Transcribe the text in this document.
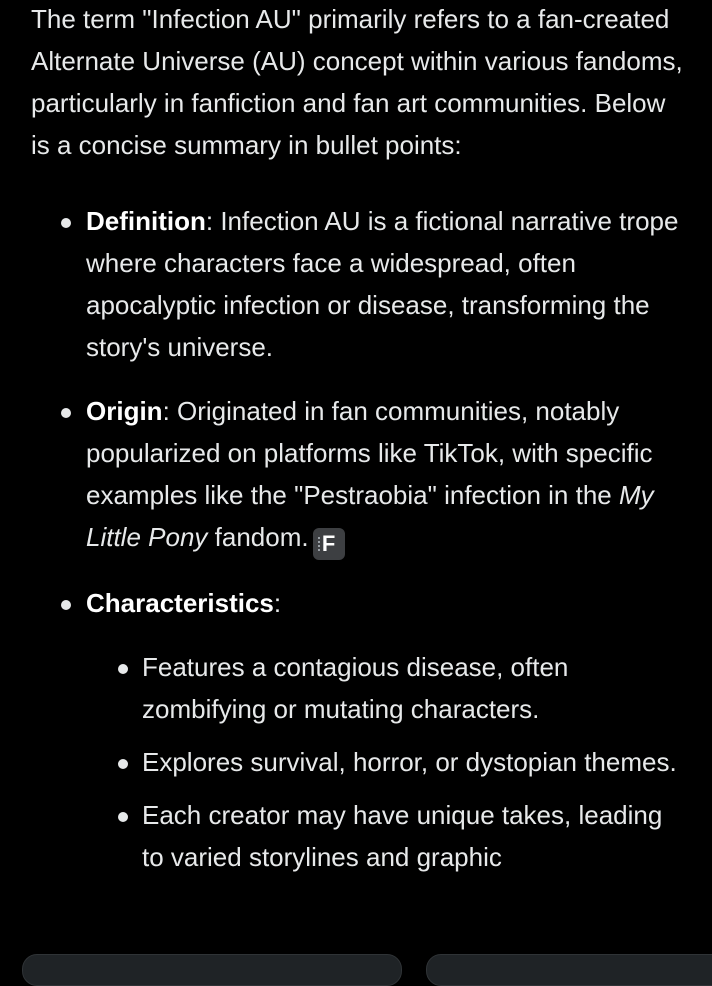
The term "Infection AU" primarily refers to a fan-created Alternate Universe (AU) concept within various fandoms, particularly in fanfiction and fan art communities. Below is a concise summary in bullet points:

Definition: Infection AU is a fictional narrative trope where characters face a widespread, often apocalyptic infection or disease, transforming the story's universe.
Origin: Originated in fan communities, notably popularized on platforms like TikTok, with specific examples like the "Pestraobia" infection in the My Little Pony fandom. F
Characteristics:
Features a contagious disease, often zombifying or mutating characters.
Explores survival, horror, or dystopian themes.
Each creator may have unique takes, leading to varied storylines and graphic
